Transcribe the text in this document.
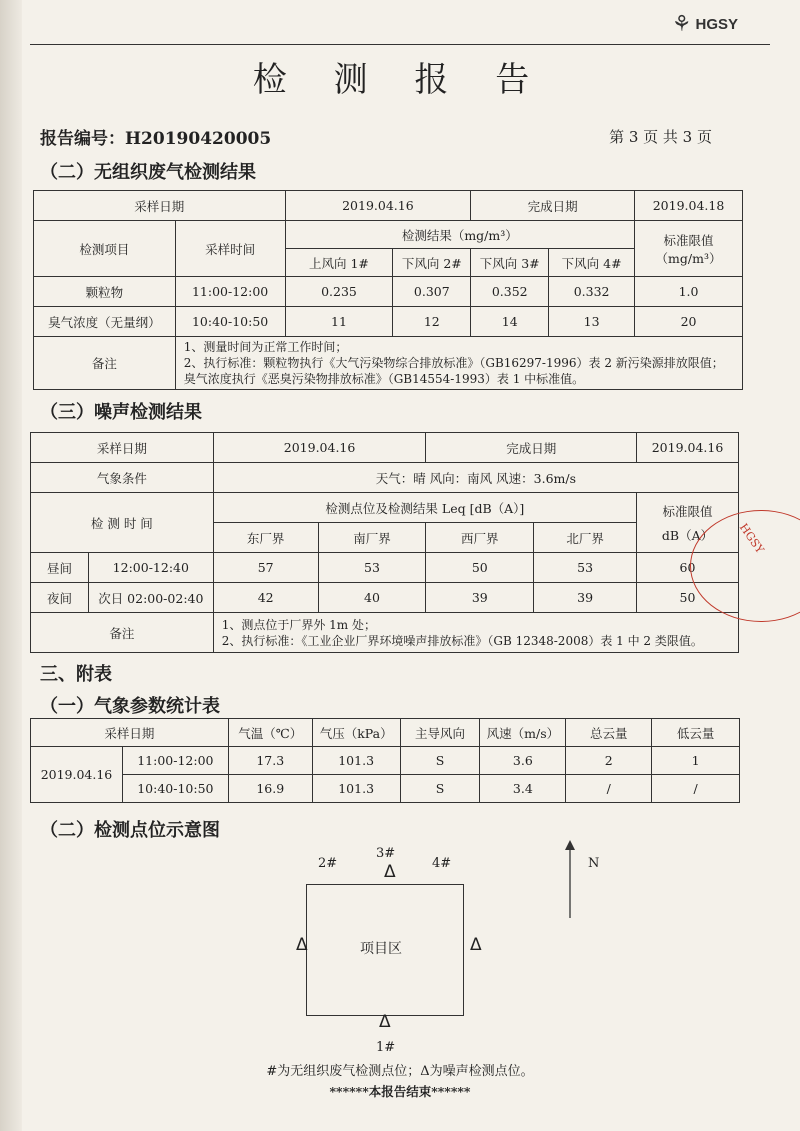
⚘ HGSY
检 测 报 告
报告编号：H20190420005	第 3 页 共 3 页
（二）无组织废气检测结果
采样日期		2019.04.16		完成日期		2019.04.18
检测项目	采样时间	检测结果（mg/m³）				标准限值（mg/m³）
		上风向 1#	下风向 2#	下风向 3#	下风向 4#	
颗粒物	11:00-12:00	0.235	0.307	0.352	0.332	1.0
臭气浓度（无量纲）	10:40-10:50	11	12	14	13	20
备注	1、测量时间为正常工作时间；
2、执行标准：颗粒物执行《大气污染物综合排放标准》（GB16297-1996）表 2 新污染源排放限值；
臭气浓度执行《恶臭污染物排放标准》（GB14554-1993）表 1 中标准值。					
（三）噪声检测结果
采样日期		2019.04.16		完成日期		2019.04.16
气象条件		天气：晴 风向：南风 风速：3.6m/s				
检 测 时 间		检测点位及检测结果 Leq [dB（A）]				标准限值
dB（A）

		东厂界	南厂界	西厂界	北厂界	
昼间	12:00-12:40	57	53	50	53	60
夜间	次日 02:00-02:40	42	40	39	39	50
备注		1、测点位于厂界外 1m 处；
2、执行标准：《工业企业厂界环境噪声排放标准》（GB 12348-2008）表 1 中 2 类限值。				
三、附表
（一）气象参数统计表
采样日期		气温（℃）	气压（kPa）	主导风向	风速（m/s）	总云量	低云量
2019.04.16	11:00-12:00	17.3	101.3	S	3.6	2	1
	10:40-10:50	16.9	101.3	S	3.4	/	/
（二）检测点位示意图
项目区
2#
3#
4#
1#
Δ
Δ	Δ
Δ
N
#为无组织废气检测点位；Δ为噪声检测点位。
******本报告结束******
HGSY
